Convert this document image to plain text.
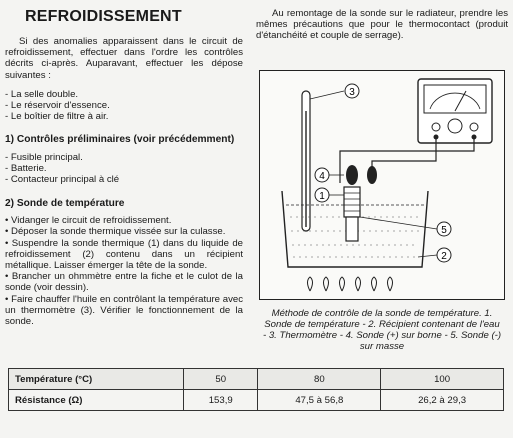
REFROIDISSEMENT

Si des anomalies apparaissent dans le circuit de refroidissement, effectuer dans l'ordre les contrôles décrits ci-après. Auparavant, effectuer les dépose suivantes :

- La selle double.
- Le réservoir d'essence.
- Le boîtier de filtre à air.
1) Contrôles préliminaires (voir précédemment)
- Fusible principal.
- Batterie.
- Contacteur principal à clé
2) Sonde de température
• Vidanger le circuit de refroidissement.
• Déposer la sonde thermique vissée sur la culasse.
• Suspendre la sonde thermique (1) dans du liquide de refroidissement (2) contenu dans un récipient métallique. Laisser émerger la tête de la sonde.
• Brancher un ohmmètre entre la fiche et le culot de la sonde (voir dessin).
• Faire chauffer l'huile en contrôlant la température avec un thermomètre (3). Vérifier le fonctionnement de la sonde.

Au remontage de la sonde sur le radiateur, prendre les mêmes précautions que pour le thermocontact (produit d'étanchéité et couple de serrage).

3
4
1
5
2
Méthode de contrôle de la sonde de température. 1. Sonde de température - 2. Récipient contenant de l'eau - 3. Thermomètre - 4. Sonde (+) sur borne - 5. Sonde (-) sur masse
Température (°C)	50	80	100
Résistance (Ω)	153,9	47,5 à 56,8	26,2 à 29,3
